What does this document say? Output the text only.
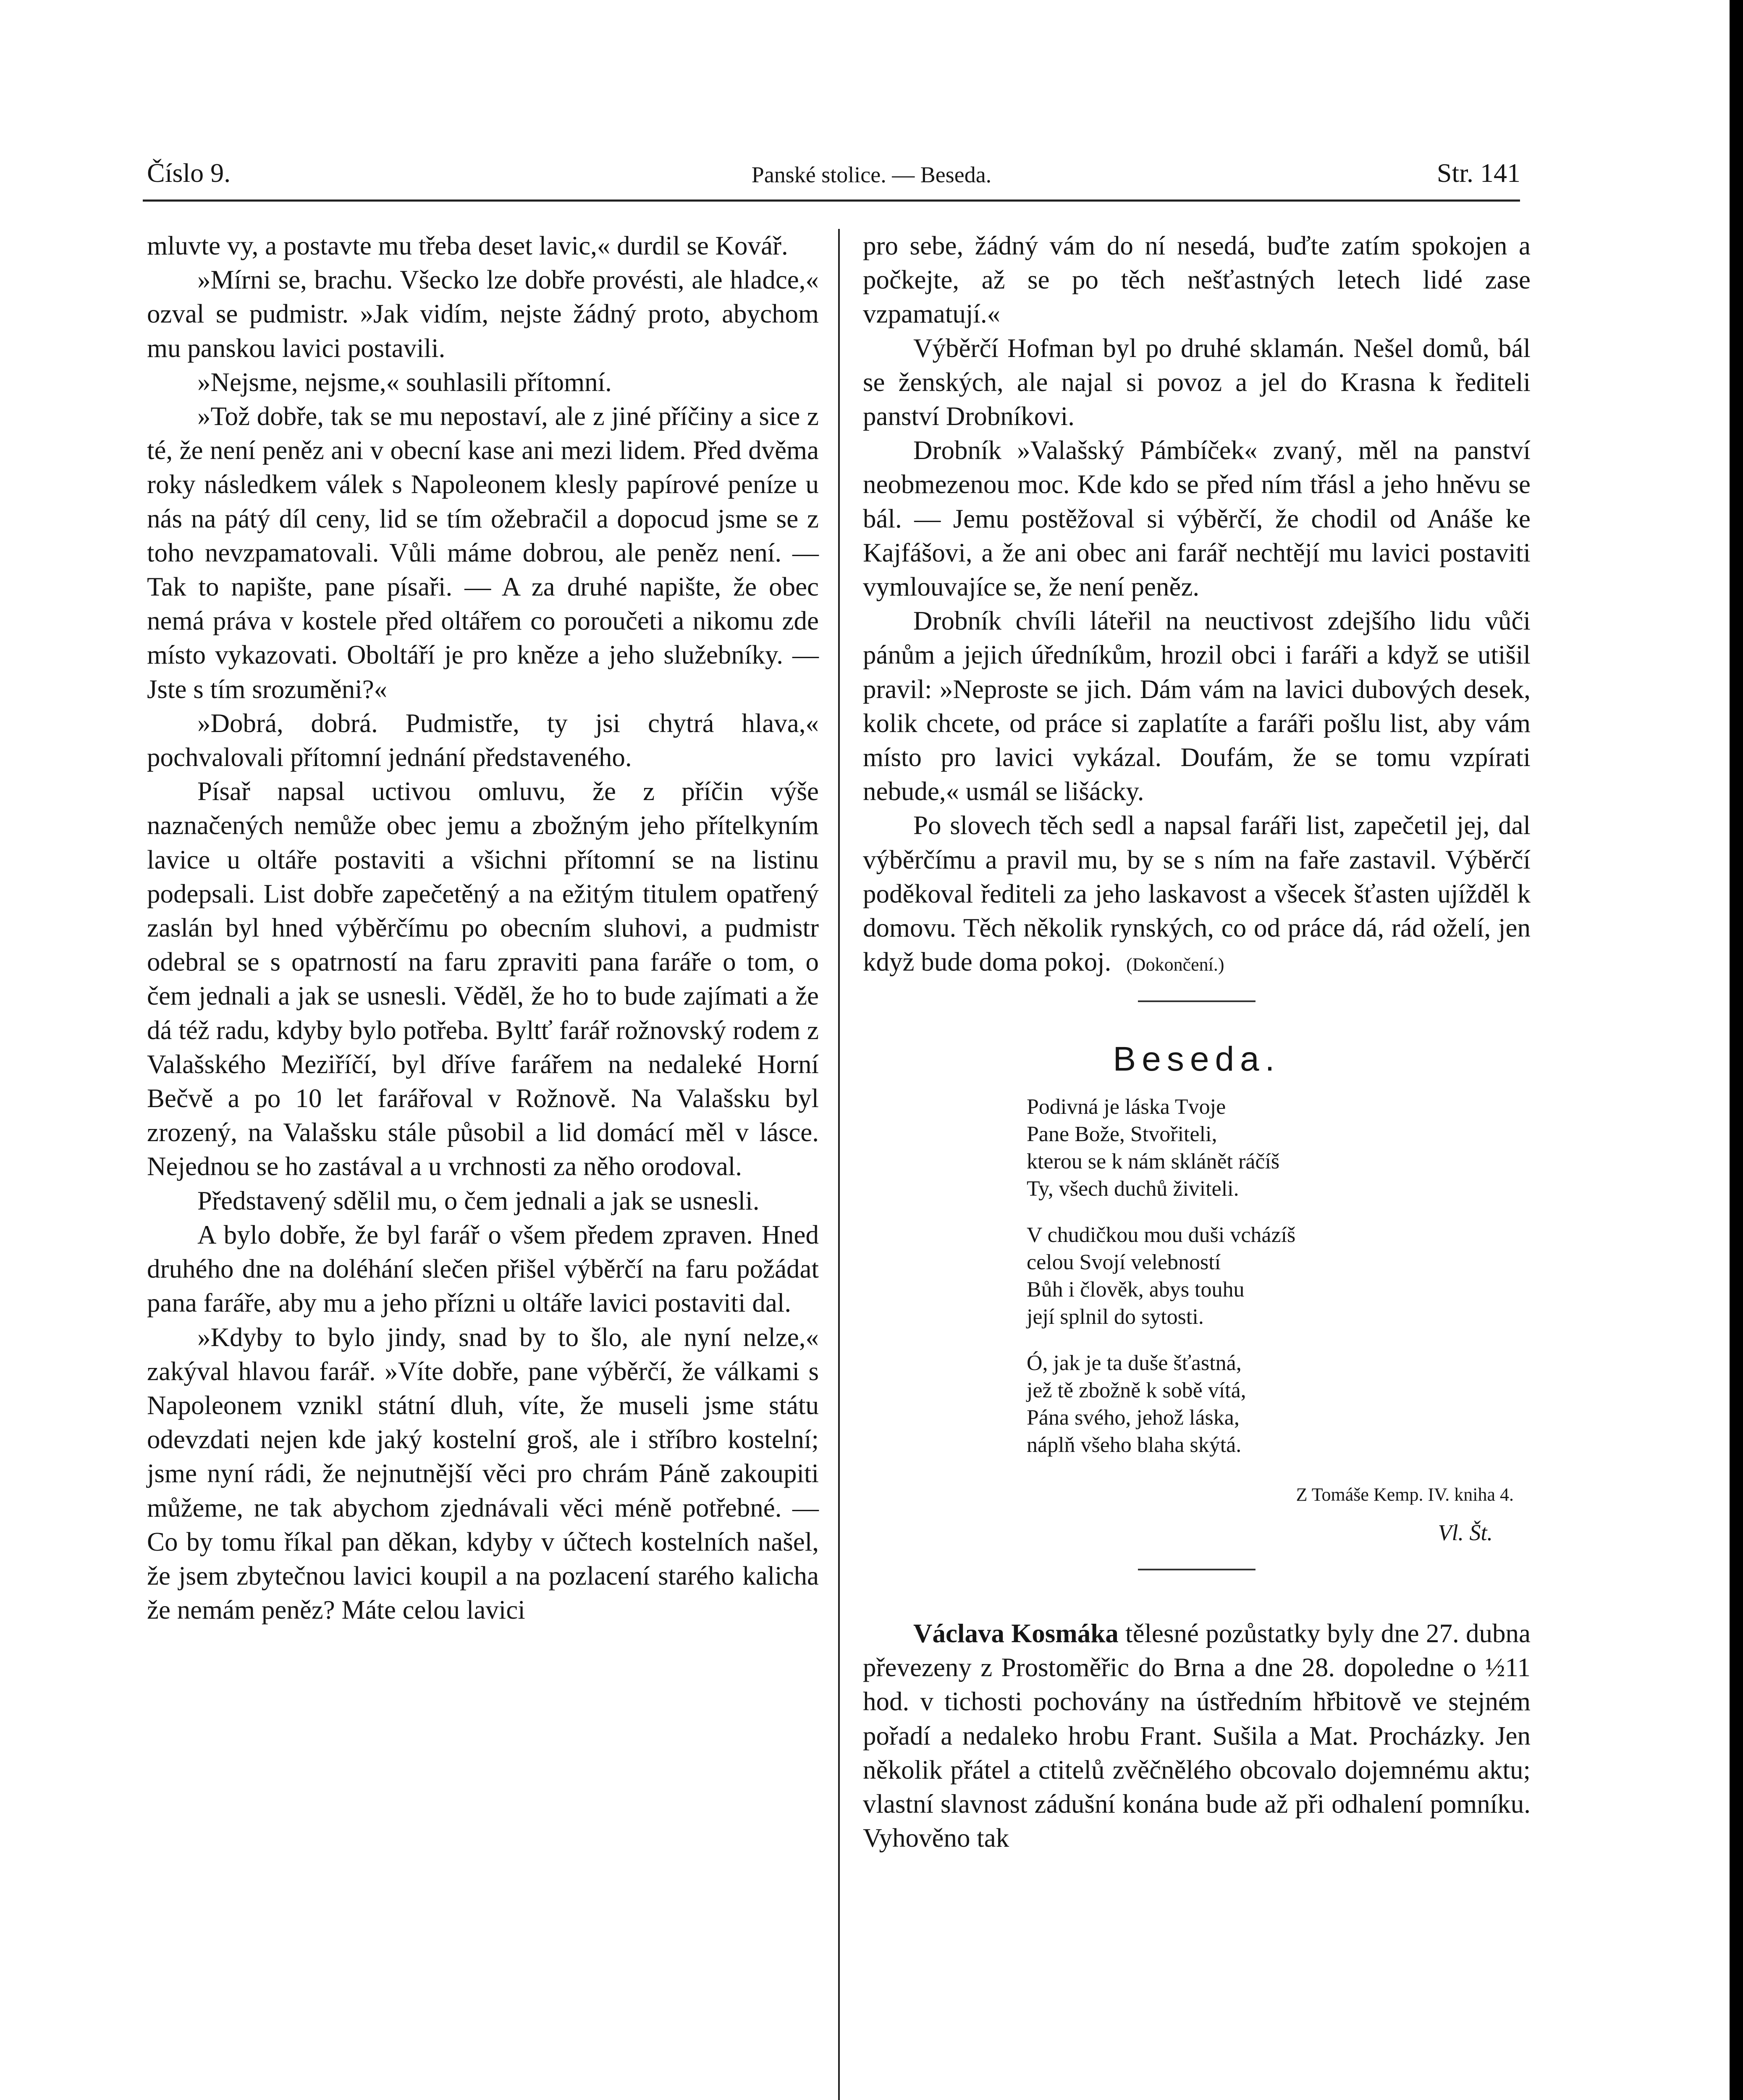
Číslo 9.	Panské stolice. — Beseda.	Str. 141

mluvte vy, a postavte mu třeba deset lavic,« durdil se Kovář.

»Mírni se, brachu. Všecko lze dobře provésti, ale hladce,« ozval se pudmistr. »Jak vidím, nejste žádný proto, abychom mu panskou lavici postavili.

»Nejsme, nejsme,« souhlasili přítomní.

»Tož dobře, tak se mu nepostaví, ale z jiné příčiny a sice z té, že není peněz ani v obecní kase ani mezi lidem. Před dvěma roky následkem válek s Napoleonem klesly papírové peníze u nás na pátý díl ceny, lid se tím ožebračil a dopосud jsme se z toho nevzpamatovali. Vůli máme dobrou, ale peněz není. — Tak to napište, pane písaři. — A za druhé napište, že obec nemá práva v kostele před oltářem co poroučeti a nikomu zde místo vykazovati. Oboltáří je pro kněze a jeho služebníky. — Jste s tím srozuměni?«

»Dobrá, dobrá. Pudmistře, ty jsi chytrá hlava,« pochvalovali přítomní jednání představeného.

Písař napsal uctivou omluvu, že z příčin výše naznačených nemůže obec jemu a zbožným jeho přítelkyním lavice u oltáře postaviti a všichni přítomní se na listinu podepsali. List dobře zapečetěný a na ežitým titulem opatřený zaslán byl hned výběrčímu po obecním sluhovi, a pudmistr odebral se s opatrností na faru zpraviti pana faráře o tom, o čem jednali a jak se usnesli. Věděl, že ho to bude zajímati a že dá též radu, kdyby bylo potřeba. Byltť farář rožnovský rodem z Valašského Meziříčí, byl dříve farářem na nedaleké Horní Bečvě a po 10 let farářoval v Rožnově. Na Valašsku byl zrozený, na Valašsku stále působil a lid domácí měl v lásce. Nejednou se ho zastával a u vrchnosti za něho orodoval.

Představený sdělil mu, o čem jednali a jak se usnesli.

A bylo dobře, že byl farář o všem předem zpraven. Hned druhého dne na doléhání slečen přišel výběrčí na faru požádat pana faráře, aby mu a jeho přízni u oltáře lavici postaviti dal.

»Kdyby to bylo jindy, snad by to šlo, ale nyní nelze,« zakýval hlavou farář. »Víte dobře, pane výběrčí, že válkami s Napoleonem vznikl státní dluh, víte, že museli jsme státu odevzdati nejen kde jaký kostelní groš, ale i stříbro kostelní; jsme nyní rádi, že nejnutnější věci pro chrám Páně zakoupiti můžeme, ne tak abychom zjednávali věci méně potřebné. — Co by tomu říkal pan děkan, kdyby v účtech kostelních našel, že jsem zbytečnou lavici koupil a na pozlacení starého kalicha že nemám peněz? Máte celou lavici

pro sebe, žádný vám do ní nesedá, buďte zatím spokojen a počkejte, až se po těch nešťastných letech lidé zase vzpamatují.«

Výběrčí Hofman byl po druhé sklamán. Nešel domů, bál se ženských, ale najal si povoz a jel do Krasna k řediteli panství Drobníkovi.

Drobník »Valašský Pámbíček« zvaný, měl na panství neobmezenou moc. Kde kdo se před ním třásl a jeho hněvu se bál. — Jemu postěžoval si výběrčí, že chodil od Anáše ke Kajfášovi, a že ani obec ani farář nechtějí mu lavici postaviti vymlouvajíce se, že není peněz.

Drobník chvíli láteřil na neuctivost zdejšího lidu vůči pánům a jejich úředníkům, hrozil obci i faráři a když se utišil pravil: »Neproste se jich. Dám vám na lavici dubových desek, kolik chcete, od práce si zaplatíte a faráři pošlu list, aby vám místo pro lavici vykázal. Doufám, že se tomu vzpírati nebude,« usmál se lišácky.

Po slovech těch sedl a napsal faráři list, zapečetil jej, dal výběrčímu a pravil mu, by se s ním na faře zastavil. Výběrčí poděkoval řediteli za jeho laskavost a všecek šťasten ujížděl k domovu. Těch několik rynských, co od práce dá, rád oželí, jen když bude doma pokoj. (Dokončení.)

Beseda.
Podivná je láska Tvoje
Pane Bože, Stvořiteli,
kterou se k nám sklánět ráčíš
Ty, všech duchů živiteli.
V chudičkou mou duši vcházíš
celou Svojí velebností
Bůh i člověk, abys touhu
její splnil do sytosti.
Ó, jak je ta duše šťastná,
jež tě zbožně k sobě vítá,
Pána svého, jehož láska,
náplň všeho blaha skýtá.
Z Tomáše Kemp. IV. kniha 4.
Vl. Št.

Václava Kosmáka tělesné pozůstatky byly dne 27. dubna převezeny z Prostoměřic do Brna a dne 28. dopoledne o ½11 hod. v tichosti pochovány na ústředním hřbitově ve stejném pořadí a nedaleko hrobu Frant. Sušila a Mat. Procházky. Jen několik přátel a ctitelů zvěčnělého obcovalo dojemnému aktu; vlastní slavnost zádušní konána bude až při odhalení pomníku. Vyhověno tak
